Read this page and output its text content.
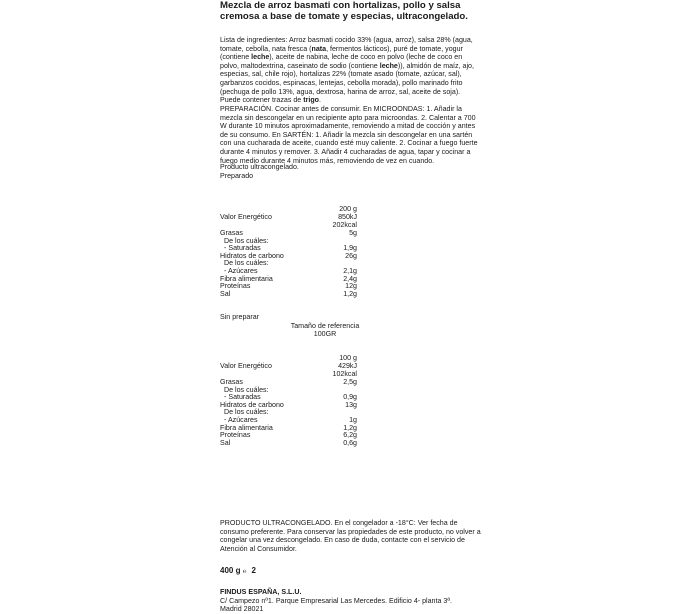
Mezcla de arroz basmati con hortalizas, pollo y salsa cremosa a base de tomate y especias, ultracongelado.

Lista de ingredientes: Arroz basmati cocido 33% (agua, arroz), salsa 28% (agua, tomate, cebolla, nata fresca (nata, fermentos lácticos), puré de tomate, yogur (contiene leche), aceite de nabina, leche de coco en polvo (leche de coco en polvo, maltodextrina, caseinato de sodio (contiene leche)), almidón de maíz, ajo, especias, sal, chile rojo), hortalizas 22% (tomate asado (tomate, azúcar, sal), garbanzos cocidos, espinacas, lentejas, cebolla morada), pollo marinado frito (pechuga de pollo 13%, agua, dextrosa, harina de arroz, sal, aceite de soja). Puede contener trazas de trigo.
PREPARACIÓN. Cocinar antes de consumir. En MICROONDAS: 1. Añadir la mezcla sin descongelar en un recipiente apto para microondas. 2. Calentar a 700 W durante 10 minutos aproximadamente, removiendo a mitad de cocción y antes de su consumo. En SARTÉN: 1. Añadir la mezcla sin descongelar en una sartén con una cucharada de aceite, cuando esté muy caliente. 2. Cocinar a fuego fuerte durante 4 minutos y remover. 3. Añadir 4 cucharadas de agua, tapar y cocinar a fuego medio durante 4 minutos más, removiendo de vez en cuando.
Producto ultracongelado.
Preparado
200 g
Valor Energético	850kJ
202kcal
Grasas	5g
De los cuáles:
- Saturadas	1,9g
Hidratos de carbono	26g
De los cuáles:
- Azúcares	2,1g
Fibra alimentaria	2,4g
Proteínas	12g
Sal	1,2g
Sin preparar
Tamaño de referencia
100GR
100 g
Valor Energético	429kJ
102kcal
Grasas	2,5g
De los cuáles:
- Saturadas	0,9g
Hidratos de carbono	13g
De los cuáles:
- Azúcares	1g
Fibra alimentaria	1,2g
Proteínas	6,2g
Sal	0,6g
PRODUCTO ULTRACONGELADO. En el congelador a -18°C: Ver fecha de consumo preferente. Para conservar las propiedades de este producto, no volver a congelar una vez descongelado. En caso de duda, contacte con el servicio de Atención al Consumidor.
400 g ℮ 2
FINDUS ESPAÑA, S.L.U.
C/ Campezo nº1. Parque Empresarial Las Mercedes. Edificio 4- planta 3ª.
Madrid 28021
